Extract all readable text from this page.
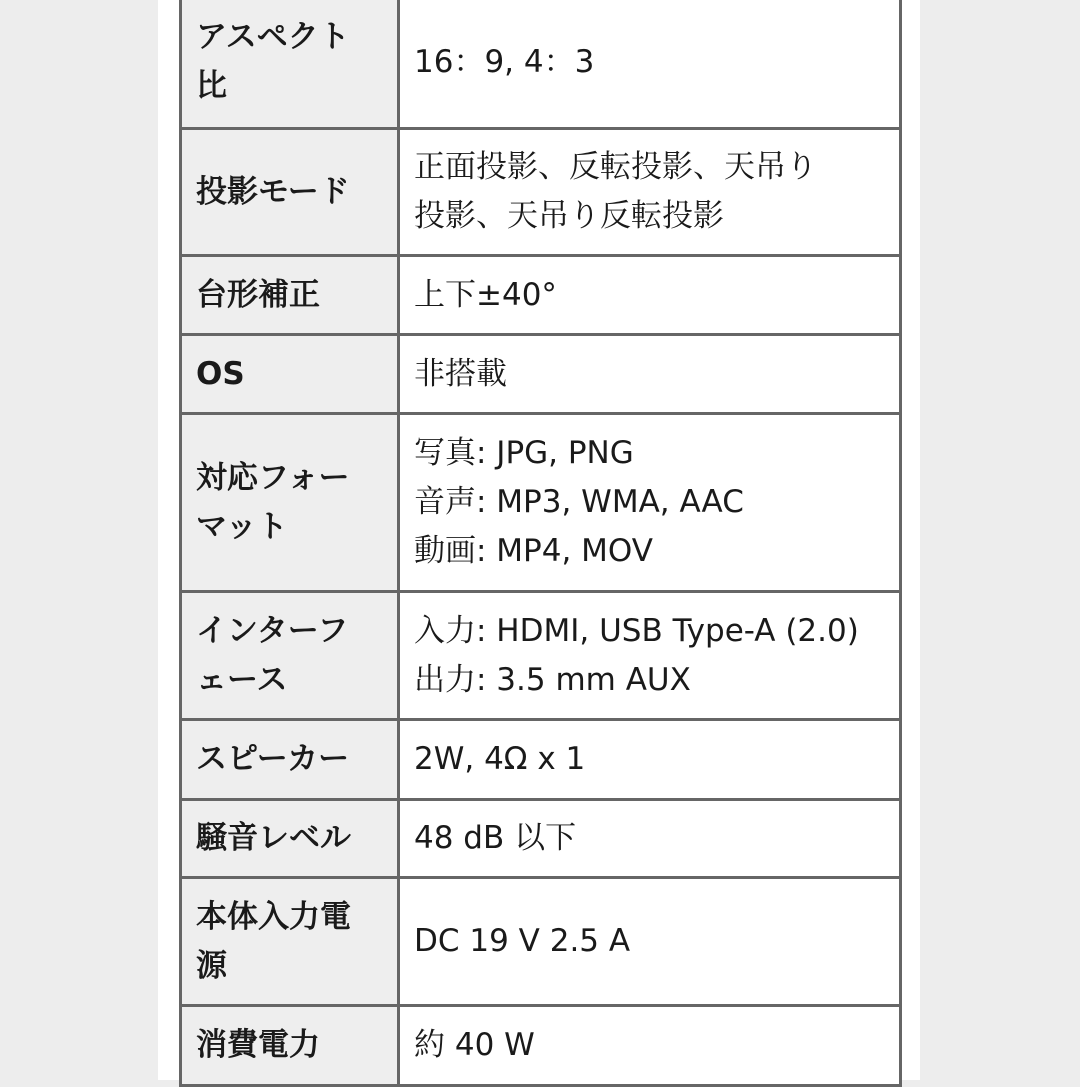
アスペクト
比	16：9, 4：3

投影モード	正面投影、反転投影、天吊り
投影、天吊り反転投影

台形補正	上下±40°

OS	非搭載

対応フォー
マット	写真: JPG, PNG
音声: MP3, WMA, AAC
動画: MP4, MOV

インターフ
ェース	入力: HDMI, USB Type-A (2.0)
出力: 3.5 mm AUX

スピーカー	2W, 4Ω x 1

騒音レベル	48 dB 以下

本体入力電
源	DC 19 V 2.5 A

消費電力	約 40 W
